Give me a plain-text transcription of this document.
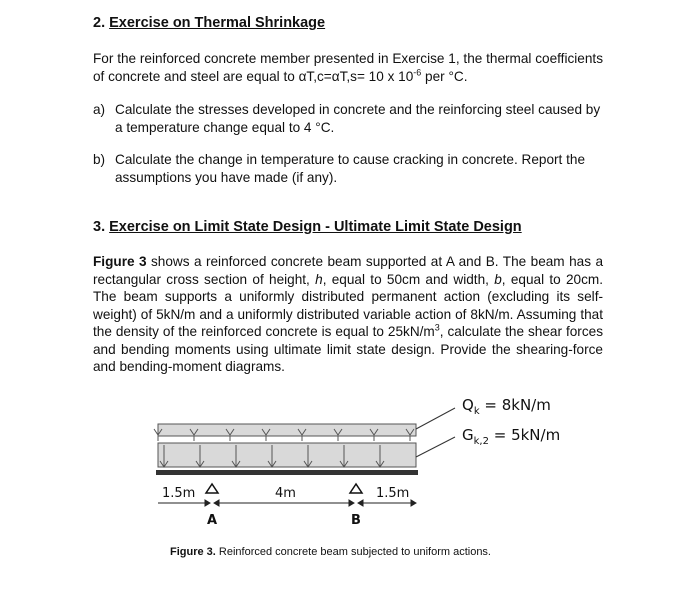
2. Exercise on Thermal Shrinkage
For the reinforced concrete member presented in Exercise 1, the thermal coefficients of concrete and steel are equal to αT,c=αT,s= 10 x $10^{-6}$ per °C.
a) Calculate the stresses developed in concrete and the reinforcing steel caused by a temperature change equal to 4 °C.
b) Calculate the change in temperature to cause cracking in concrete. Report the assumptions you have made (if any).
3. Exercise on Limit State Design - Ultimate Limit State Design
Figure 3 shows a reinforced concrete beam supported at A and B. The beam has a rectangular cross section of height, h, equal to 50cm and width, b, equal to 20cm. The beam supports a uniformly distributed permanent action (excluding its self-weight) of 5kN/m and a uniformly distributed variable action of 8kN/m. Assuming that the density of the reinforced concrete is equal to $25kN/m^3$, calculate the shear forces and bending moments using ultimate limit state design. Provide the shearing-force and bending-moment diagrams.
1.5m	4m	1.5m
A	B
$Q_k = 8kN/m$
$G_{k,2} = 5kN/m$
Figure 3. Reinforced concrete beam subjected to uniform actions.
